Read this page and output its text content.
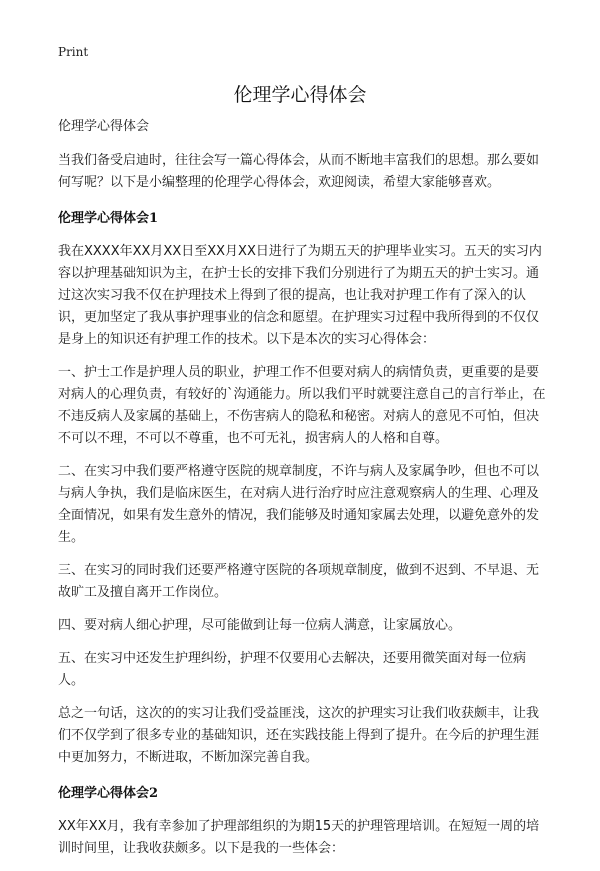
Print
伦理学心得体会

伦理学心得体会

当我们备受启迪时，往往会写一篇心得体会，从而不断地丰富我们的思想。那么要如何写呢？以下是小编整理的伦理学心得体会，欢迎阅读，希望大家能够喜欢。

伦理学心得体会1

我在XXXX年XX月XX日至XX月XX日进行了为期五天的护理毕业实习。五天的实习内容以护理基础知识为主，在护士长的安排下我们分别进行了为期五天的护士实习。通过这次实习我不仅在护理技术上得到了很的提高，也让我对护理工作有了深入的认识，更加坚定了我从事护理事业的信念和愿望。在护理实习过程中我所得到的不仅仅是身上的知识还有护理工作的技术。以下是本次的实习心得体会：

一、护士工作是护理人员的职业，护理工作不但要对病人的病情负责，更重要的是要对病人的心理负责，有较好的`沟通能力。所以我们平时就要注意自己的言行举止，在不违反病人及家属的基础上，不伤害病人的隐私和秘密。对病人的意见不可怕，但决不可以不理，不可以不尊重，也不可无礼，损害病人的人格和自尊。

二、在实习中我们要严格遵守医院的规章制度，不许与病人及家属争吵，但也不可以与病人争执，我们是临床医生，在对病人进行治疗时应注意观察病人的生理、心理及全面情况，如果有发生意外的情况，我们能够及时通知家属去处理，以避免意外的发生。

三、在实习的同时我们还要严格遵守医院的各项规章制度，做到不迟到、不早退、无故旷工及擅自离开工作岗位。

四、要对病人细心护理，尽可能做到让每一位病人满意，让家属放心。

五、在实习中还发生护理纠纷，护理不仅要用心去解决，还要用微笑面对每一位病人。

总之一句话，这次的的实习让我们受益匪浅，这次的护理实习让我们收获颇丰，让我们不仅学到了很多专业的基础知识，还在实践技能上得到了提升。在今后的护理生涯中更加努力，不断进取，不断加深完善自我。

伦理学心得体会2

XX年XX月，我有幸参加了护理部组织的为期15天的护理管理培训。在短短一周的培训时间里，让我收获颇多。以下是我的一些体会：
